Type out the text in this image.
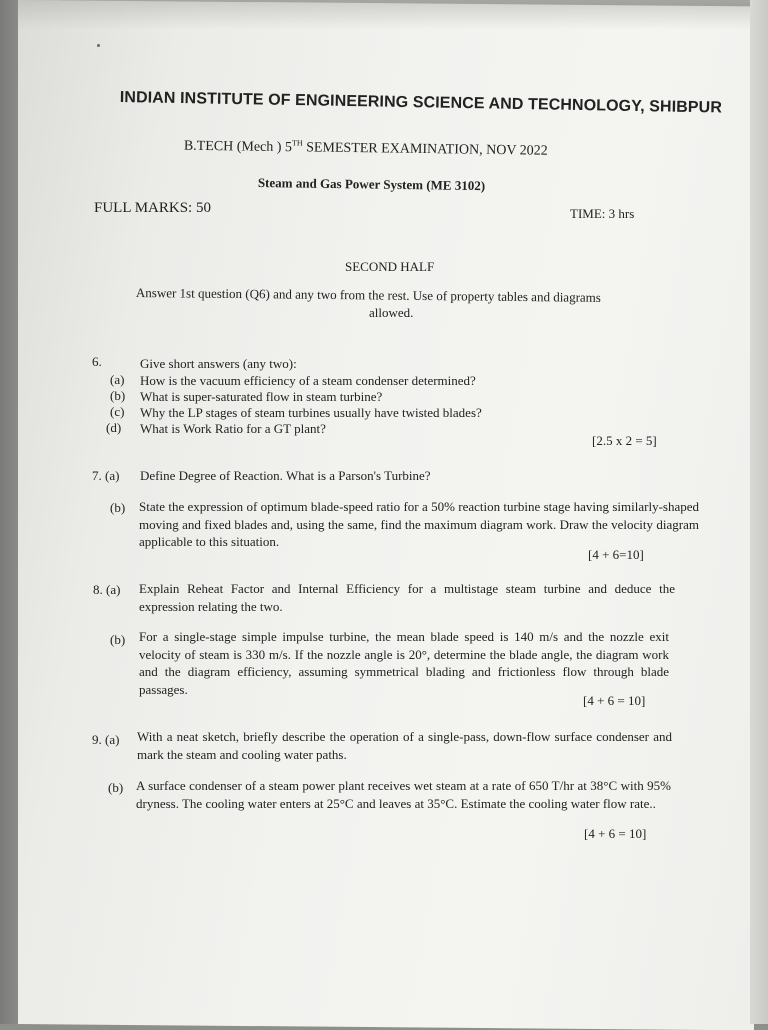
INDIAN INSTITUTE OF ENGINEERING SCIENCE AND TECHNOLOGY, SHIBPUR
B.TECH (Mech ) 5TH SEMESTER EXAMINATION, NOV 2022
Steam and Gas Power System (ME 3102)
FULL MARKS: 50	TIME: 3 hrs
SECOND HALF
Answer 1st question (Q6) and any two from the rest. Use of property tables and diagrams
allowed.
6.	Give short answers (any two):
(a) How is the vacuum efficiency of a steam condenser determined?
(b) What is super-saturated flow in steam turbine?
(c) Why the LP stages of steam turbines usually have twisted blades?
(d) What is Work Ratio for a GT plant?
[2.5 x 2 = 5]
7. (a) Define Degree of Reaction. What is a Parson's Turbine?
(b) State the expression of optimum blade-speed ratio for a 50% reaction turbine stage having similarly-shaped moving and fixed blades and, using the same, find the maximum diagram work. Draw the velocity diagram applicable to this situation.
[4 + 6=10]
8. (a) Explain Reheat Factor and Internal Efficiency for a multistage steam turbine and deduce the expression relating the two.
(b) For a single-stage simple impulse turbine, the mean blade speed is 140 m/s and the nozzle exit velocity of steam is 330 m/s. If the nozzle angle is 20°, determine the blade angle, the diagram work and the diagram efficiency, assuming symmetrical blading and frictionless flow through blade passages.
[4 + 6 = 10]
9. (a) With a neat sketch, briefly describe the operation of a single-pass, down-flow surface condenser and mark the steam and cooling water paths.
(b) A surface condenser of a steam power plant receives wet steam at a rate of 650 T/hr at 38°C with 95% dryness. The cooling water enters at 25°C and leaves at 35°C. Estimate the cooling water flow rate..
[4 + 6 = 10]
